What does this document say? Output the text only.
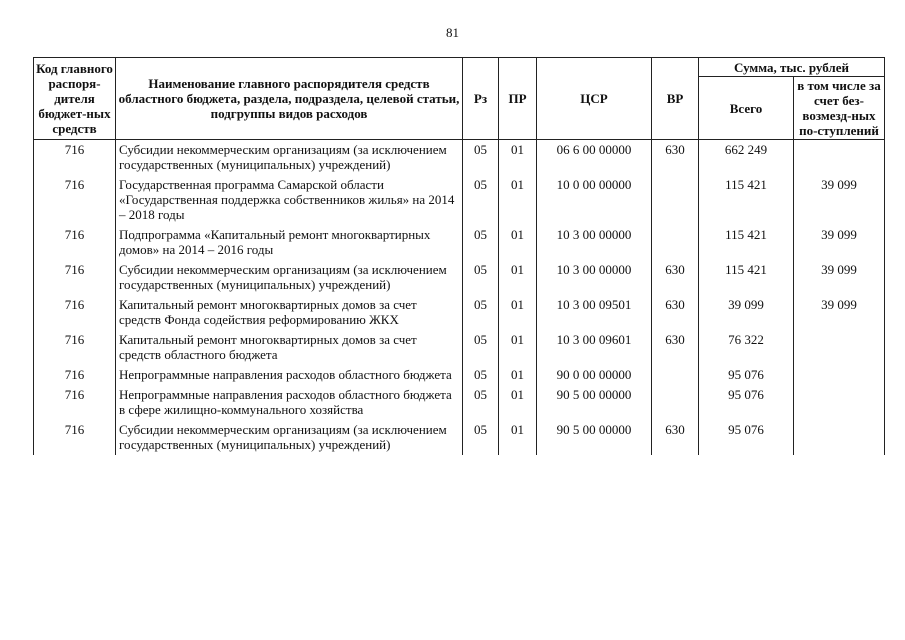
81
Код главного распоря-дителя бюджет-ных средств	Наименование главного распорядителя средств областного бюджета, раздела, подраздела, целевой статьи, подгруппы видов расходов	Рз	ПР	ЦСР	ВР	Сумма, тыс. рублей	
						Всего	в том числе за счет без-возмезд-ных по-ступлений
716	Субсидии некоммерческим организациям (за исключением государственных (муниципальных) учреждений)	05	01	06 6 00 00000	630	662 249	
716	Государственная программа Самарской области «Государственная поддержка собственников жилья» на 2014 – 2018 годы	05	01	10 0 00 00000		115 421	39 099
716	Подпрограмма «Капитальный ремонт многоквартирных домов» на 2014 – 2016 годы	05	01	10 3 00 00000		115 421	39 099
716	Субсидии некоммерческим организациям (за исключением государственных (муниципальных) учреждений)	05	01	10 3 00 00000	630	115 421	39 099
716	Капитальный ремонт многоквартирных домов за счет средств Фонда содействия реформированию ЖКХ	05	01	10 3 00 09501	630	39 099	39 099
716	Капитальный ремонт многоквартирных домов за счет средств областного бюджета	05	01	10 3 00 09601	630	76 322	
716	Непрограммные направления расходов областного бюджета	05	01	90 0 00 00000		95 076	
716	Непрограммные направления расходов областного бюджета в сфере жилищно-коммунального хозяйства	05	01	90 5 00 00000		95 076	
716	Субсидии некоммерческим организациям (за исключением государственных (муниципальных) учреждений)	05	01	90 5 00 00000	630	95 076	
